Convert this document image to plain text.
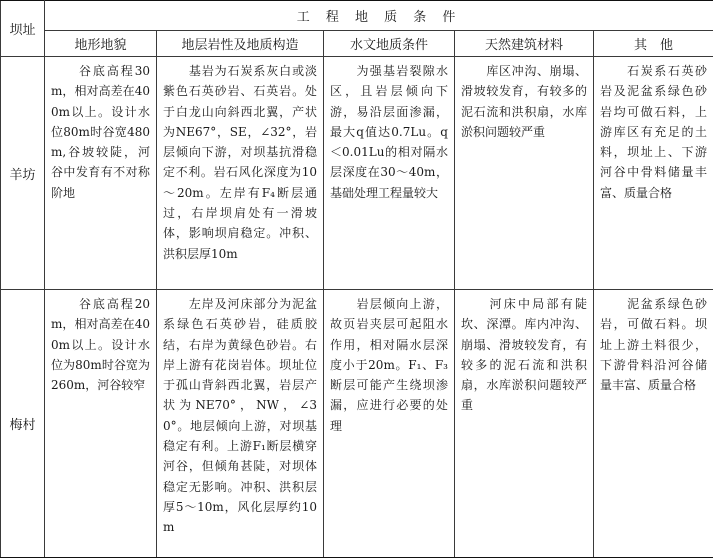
坝址	工 程 地 质 条 件				
	地形地貌	地层岩性及地质构造	水文地质条件	天然建筑材料	其　他
羊坊	　　谷底高程30m，相对高差在400m以上。设计水位80m时谷宽480m,谷坡较陡，河谷中发育有不对称阶地	　　基岩为石炭系灰白或淡紫色石英砂岩、石英岩。处于白龙山向斜西北翼，产状为NE67°，SE，∠32°，岩层倾向下游，对坝基抗滑稳定不利。岩石风化深度为10～20m。左岸有F₄断层通过，右岸坝肩处有一滑坡体，影响坝肩稳定。冲积、洪积层厚10m	　　为强基岩裂隙水区，且岩层倾向下游，易沿层面渗漏，最大q值达0.7Lu。q＜0.01Lu的相对隔水层深度在30～40m，基础处理工程量较大	　　库区冲沟、崩塌、滑坡较发育，有较多的泥石流和洪积扇，水库淤积问题较严重	　　石炭系石英砂岩及泥盆系绿色砂岩均可做石料，上游库区有充足的土料，坝址上、下游河谷中骨料储量丰富、质量合格
梅村	　　谷底高程20m，相对高差在400m以上。设计水位为80m时谷宽为260m，河谷较窄	　　左岸及河床部分为泥盆系绿色石英砂岩，硅质胶结，右岸为黄绿色砂岩。右岸上游有花岗岩体。坝址位于孤山背斜西北翼，岩层产状为NE70°，NW，∠30°。地层倾向上游，对坝基稳定有利。上游F₁断层横穿河谷，但倾角甚陡，对坝体稳定无影响。冲积、洪积层厚5～10m，风化层厚约10m	　　岩层倾向上游，故页岩夹层可起阻水作用，相对隔水层深度小于20m。F₁、F₃断层可能产生绕坝渗漏，应进行必要的处理	　　河床中局部有陡坎、深潭。库内冲沟、崩塌、滑坡较发育，有较多的泥石流和洪积扇，水库淤积问题较严重	　　泥盆系绿色砂岩，可做石料。坝址上游土料很少，下游骨料沿河谷储量丰富、质量合格
